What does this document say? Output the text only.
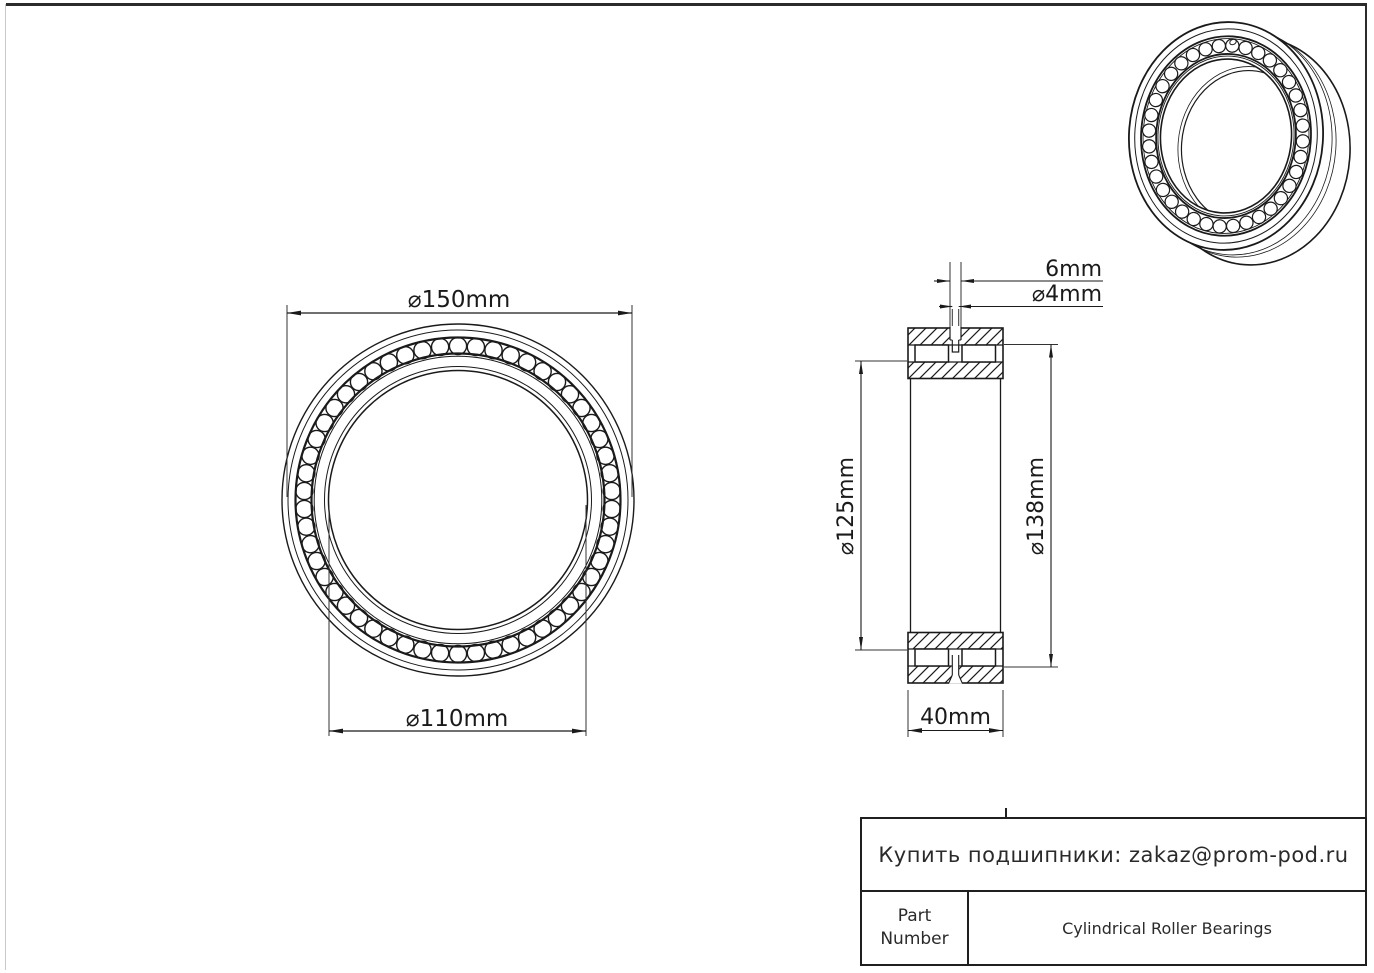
⌀150mm
⌀110mm
6mm
⌀4mm
⌀125mm	⌀138mm
40mm
Купить подшипники: zakaz@prom-pod.ru
Part Number
Cylindrical Roller Bearings
